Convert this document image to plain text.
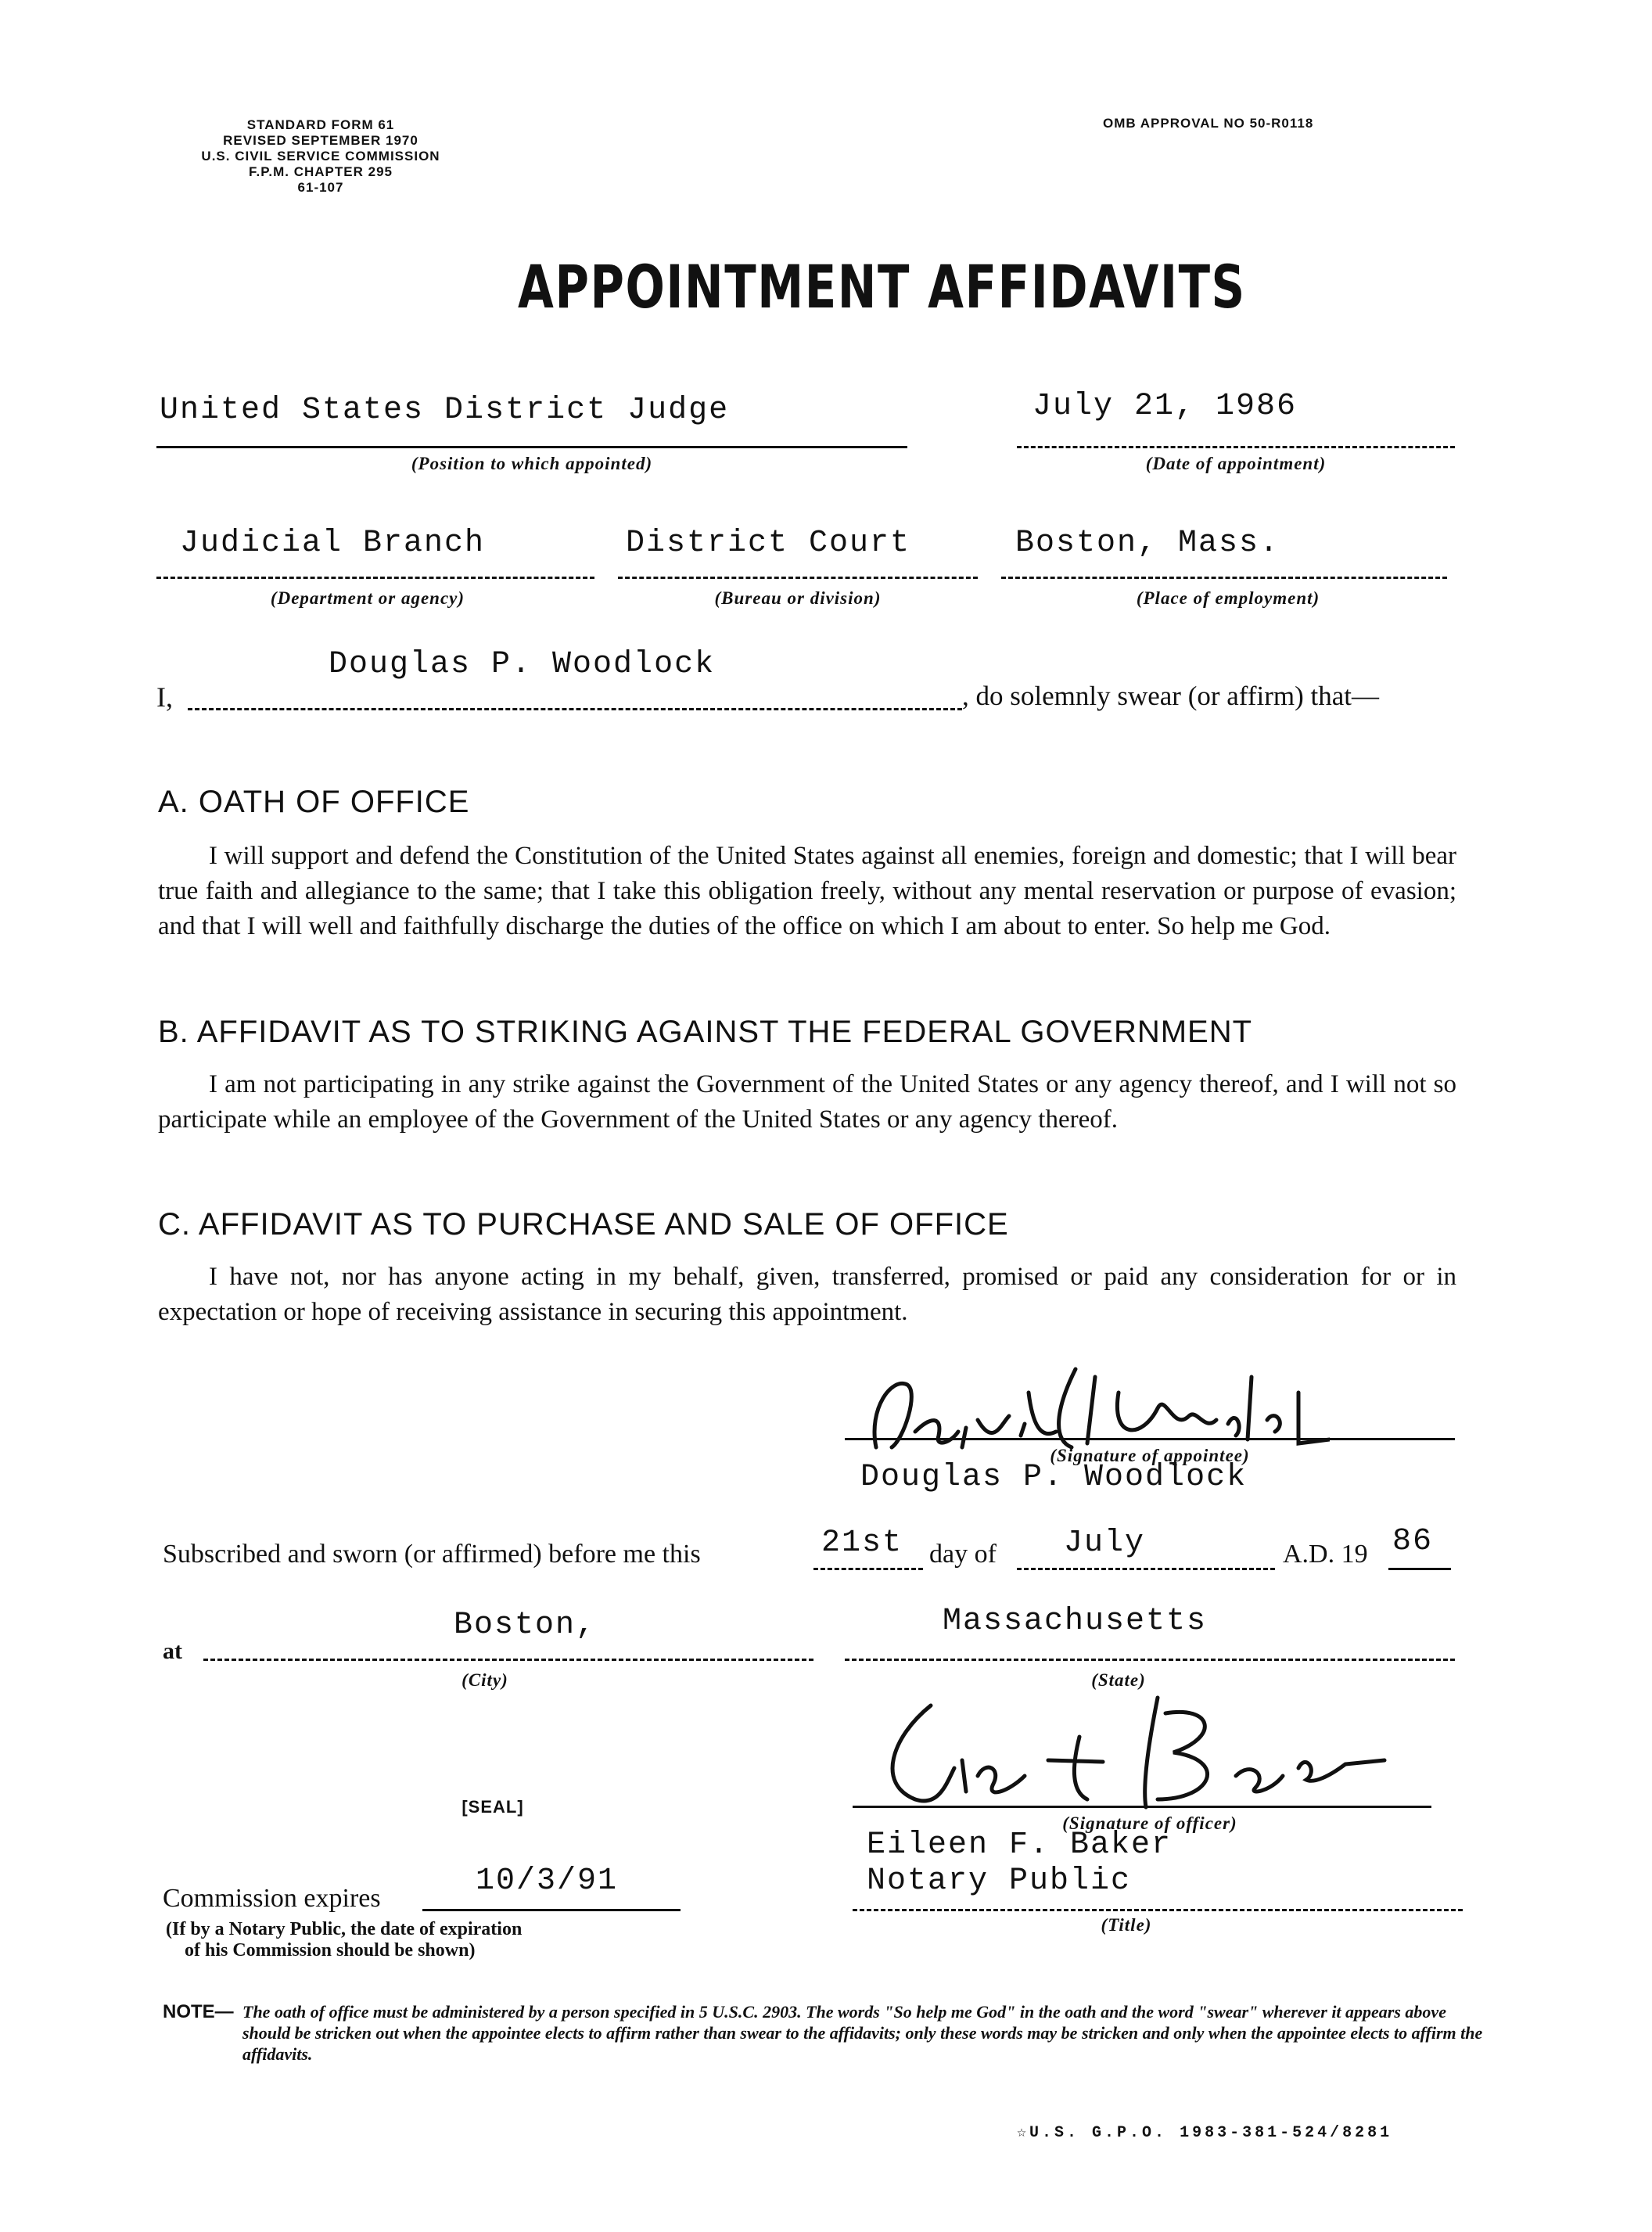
STANDARD FORM 61
REVISED SEPTEMBER 1970
U.S. CIVIL SERVICE COMMISSION
F.P.M. CHAPTER 295
61-107
OMB APPROVAL NO 50-R0118
APPOINTMENT AFFIDAVITS
United States District Judge	July 21, 1986
(Position to which appointed)	(Date of appointment)
Judicial Branch	District Court	Boston, Mass.
(Department or agency)	(Bureau or division)	(Place of employment)
Douglas P. Woodlock
I,	, do solemnly swear (or affirm) that—
A. OATH OF OFFICE
I will support and defend the Constitution of the United States against all enemies, foreign and domestic; that I will bear true faith and allegiance to the same; that I take this obligation freely, without any mental reservation or purpose of evasion; and that I will well and faithfully discharge the duties of the office on which I am about to enter. So help me God.
B. AFFIDAVIT AS TO STRIKING AGAINST THE FEDERAL GOVERNMENT
I am not participating in any strike against the Government of the United States or any agency thereof, and I will not so participate while an employee of the Government of the United States or any agency thereof.
C. AFFIDAVIT AS TO PURCHASE AND SALE OF OFFICE
I have not, nor has anyone acting in my behalf, given, transferred, promised or paid any consideration for or in expectation or hope of receiving assistance in securing this appointment.
(Signature of appointee)
Douglas P. Woodlock
Subscribed and sworn (or affirmed) before me this	21st day of July	A.D. 19 86
at
Boston,
(City)
Massachusetts
(State)
(Signature of officer)
Eileen F. Baker
Notary Public
(Title)
[SEAL]
Commission expires	10/3/91
(If by a Notary Public, the date of expiration
of his Commission should be shown)
NOTE— The oath of office must be administered by a person specified in 5 U.S.C. 2903. The words "So help me God" in the oath and the word "swear" wherever it appears above should be stricken out when the appointee elects to affirm rather than swear to the affidavits; only these words may be stricken and only when the appointee elects to affirm the affidavits.
☆U.S. G.P.O. 1983-381-524/8281
